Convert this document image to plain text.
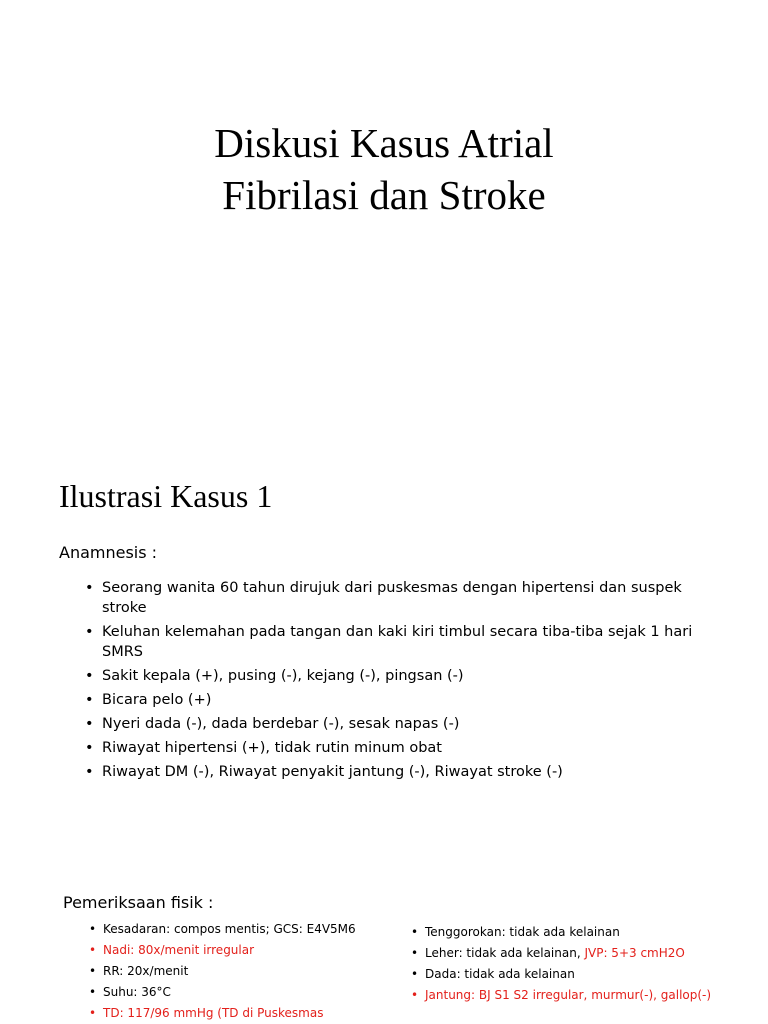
Diskusi Kasus Atrial
Fibrilasi dan Stroke
Ilustrasi Kasus 1
Anamnesis :
• Seorang wanita 60 tahun dirujuk dari puskesmas dengan hipertensi dan suspek stroke
• Keluhan kelemahan pada tangan dan kaki kiri timbul secara tiba-tiba sejak 1 hari SMRS
• Sakit kepala (+), pusing (-), kejang (-), pingsan (-)
• Bicara pelo (+)
• Nyeri dada (-), dada berdebar (-), sesak napas (-)
• Riwayat hipertensi (+), tidak rutin minum obat
• Riwayat DM (-), Riwayat penyakit jantung (-), Riwayat stroke (-)
Pemeriksaan fisik :
• Kesadaran: compos mentis; GCS: E4V5M6
• Nadi: 80x/menit irregular
• RR: 20x/menit
• Suhu: 36°C
• TD: 117/96 mmHg (TD di Puskesmas
• Tenggorokan: tidak ada kelainan
• Leher: tidak ada kelainan, JVP: 5+3 cmH2O
• Dada: tidak ada kelainan
• Jantung: BJ S1 S2 irregular, murmur(-), gallop(-)
